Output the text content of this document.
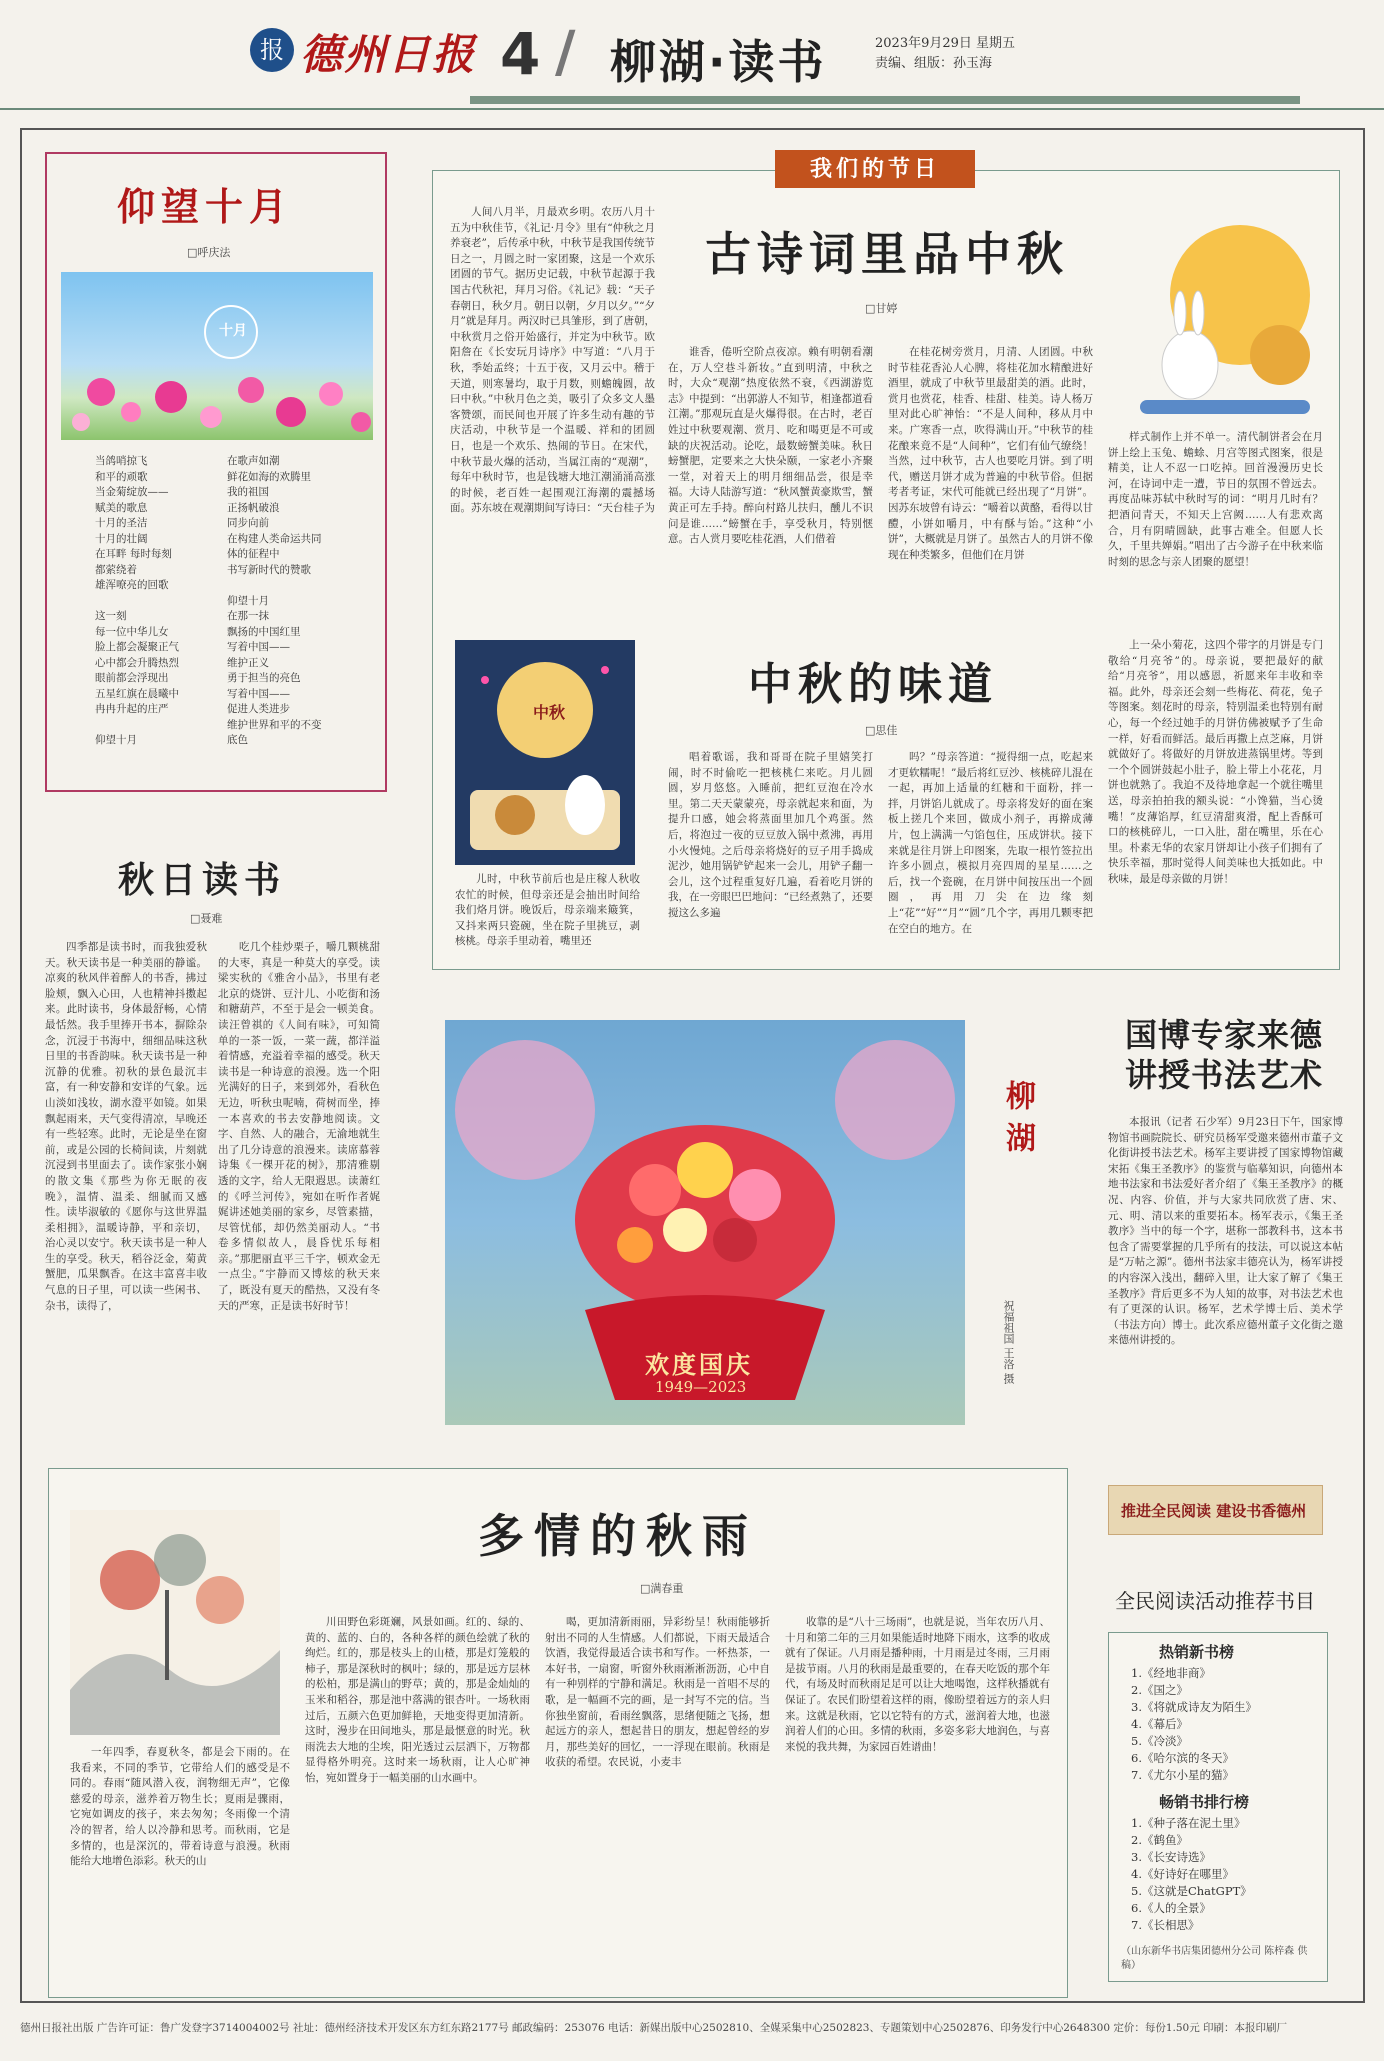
报 德州日报 4 / 柳湖·读书	2023年9月29日 星期五
责编、组版：孙玉海
仰望十月
□呼庆法
十月
当鸽哨掠飞
和平的顽歌
当金菊绽放——
赋美的歌息
十月的圣洁
十月的壮阔
在耳畔 每时每刻
都萦绕着
雄浑嘹亮的回歌

这一刻
每一位中华儿女
脸上都会凝聚正气
心中都会升腾热烈
眼前都会浮现出
五星红旗在晨曦中
冉冉升起的庄严

仰望十月
在歌声如潮
鲜花如海的欢腾里
我的祖国
正扬帆破浪
同步向前
在构建人类命运共同
体的征程中
书写新时代的赞歌

仰望十月
在那一抹
飘扬的中国红里
写着中国——
维护正义
勇于担当的亮色
写着中国——
促进人类进步
维护世界和平的不变
底色
秋日读书
□聂难
四季都是读书时，而我独爱秋天。秋天读书是一种美丽的静谧。凉爽的秋风伴着醉人的书香，拂过脸颊，飘入心田，人也精神抖擞起来。此时读书，身体最舒畅，心情最恬然。我手里捧开书本，摒除杂念，沉浸于书海中，细细品味这秋日里的书香韵味。秋天读书是一种沉静的优雅。初秋的景色最沉丰富，有一种安静和安详的气象。远山淡如浅妆，湖水澄平如镜。如果飘起雨来，天气变得清凉，早晚还有一些轻寒。此时，无论是坐在窗前，或是公园的长椅间读，片刻就沉浸到书里面去了。读作家张小娴的散文集《那些为你无眠的夜晚》，温情、温柔、细腻而又感性。读毕淑敏的《愿你与这世界温柔相拥》，温暖诗静，平和亲切，治心灵以安宁。秋天读书是一种人生的享受。秋天，稻谷泛金，菊黄蟹肥，瓜果飘香。在这丰富喜丰收气息的日子里，可以读一些闲书、杂书，读得了，
吃几个桂炒栗子，嚼几颗桃甜的大枣，真是一种莫大的享受。读梁实秋的《雅舍小品》，书里有老北京的烧饼、豆汁儿、小吃街和汤和糖葫芦，不至于是会一顿美食。读汪曾祺的《人间有味》，可知简单的一茶一饭，一菜一蔬，都洋溢着情感，充溢着幸福的感受。秋天读书是一种诗意的浪漫。选一个阳光满好的日子，来到郊外，看秋色无边，听秋虫呢喃，荷树而坐，捧一本喜欢的书去安静地阅读。文字、自然、人的融合，无渝地就生出了几分诗意的浪漫来。读席慕蓉诗集《一棵开花的树》，那清雅剔透的文字，给人无限遐思。读萧红的《呼兰河传》，宛如在听作者娓娓讲述她美丽的家乡，尽管素描，尽管忧郁，却仍然美丽动人。“书卷多情似故人，晨昏忧乐每相亲。”那肥丽直平三千字，顿欢金无一点尘。”宇静而又博炫的秋天来了，既没有夏天的酷热，又没有冬天的严寒，正是读书好时节！
我们的节日
古诗词里品中秋
□甘婷
人间八月半，月最欢乡明。农历八月十五为中秋佳节，《礼记·月令》里有“仲秋之月养衰老”，后传承中秋，中秋节是我国传统节日之一，月圆之时一家团聚，这是一个欢乐团圆的节气。据历史记载，中秋节起源于我国古代秋祀，拜月习俗。《礼记》载：“天子春朝日，秋夕月。朝日以朝，夕月以夕。”“夕月”就是拜月。两汉时已具雏形，到了唐朝，中秋赏月之俗开始盛行，并定为中秋节。欧阳詹在《长安玩月诗序》中写道：“八月于秋，季始孟终；十五于夜，又月云中。稽于天道，则寒暑均，取于月数，则蟾魄圆，故曰中秋。”中秋月色之美，吸引了众多文人墨客赞颂，而民间也开展了许多生动有趣的节庆活动，中秋节是一个温暖、祥和的团圆日，也是一个欢乐、热闹的节日。在宋代，中秋节最火爆的活动，当属江南的“观潮”，每年中秋时节，也是钱塘大地江潮涌涌高涨的时候，老百姓一起围观江海潮的震撼场面。苏东坡在观潮期间写诗曰：“天台桂子为
谁香，倦听空阶点夜凉。赖有明朝看潮在，万人空巷斗新妆。”直到明清，中秋之时，大众“观潮”热度依然不衰，《西湖游览志》中提到：“出郭游人不知节，相逢都道看江潮。”那观玩直是火爆得很。在古时，老百姓过中秋要观潮、赏月、吃和喝更是不可或缺的庆祝活动。论吃，最数螃蟹美味。秋日螃蟹肥，定要来之大快朵颐，一家老小齐聚一堂，对着天上的明月细细品尝，很是幸福。大诗人陆游写道：“秋风蟹黄豪欺雪，蟹黄正可左手持。醉向村路儿扶归，醺儿不识问是谁……”螃蟹在手，享受秋月，特别惬意。古人赏月要吃桂花酒，人们借着
在桂花树旁赏月，月清、人团圆。中秋时节桂花香沁人心脾，将桂花加水精酿进好酒里，就成了中秋节里最甜美的酒。此时，赏月也赏花，桂香、桂甜、桂美。诗人杨万里对此心旷神怡：“不是人间种，移从月中来。广寒香一点，吹得满山开。”中秋节的桂花酿来竟不是“人间种”，它们有仙气缭绕！当然，过中秋节，古人也要吃月饼。到了明代，赠送月饼才成为普遍的中秋节俗。但据考者考证，宋代可能就已经出现了“月饼”。因苏东坡曾有诗云：“嚼着以黄酪，看得以甘醴，小饼如嚼月，中有酥与饴。”这种“小饼”，大概就是月饼了。虽然古人的月饼不像现在种类繁多，但他们在月饼
样式制作上并不单一。清代制饼者会在月饼上绘上玉兔、蟾蜍、月宫等图式图案，很是精美，让人不忍一口吃掉。回首漫漫历史长河，在诗词中走一遭，节日的氛围不曾远去。再度品味苏轼中秋时写的词：“明月几时有？把酒问青天，不知天上宫阙……人有悲欢离合，月有阴晴圆缺，此事古难全。但愿人长久，千里共婵娟。”唱出了古今游子在中秋来临时刻的思念与亲人团聚的愿望！
中秋的味道
□思佳
中秋
儿时，中秋节前后也是庄稼人秋收农忙的时候，但母亲还是会抽出时间给我们烙月饼。晚饭后，母亲端来簸箕，又抖来两只瓷碗，坐在院子里挑豆，剥核桃。母亲手里动着，嘴里还
唱着歌谣，我和哥哥在院子里嬉笑打闹，时不时偷吃一把核桃仁来吃。月儿圆圆，岁月悠悠。入睡前，把红豆泡在冷水里。第二天天蒙蒙亮，母亲就起来和面，为提升口感，她会将蒸面里加几个鸡蛋。然后，将泡过一夜的豆豆放入锅中煮沸，再用小火慢炖。之后母亲将烧好的豆子用手捣成泥沙，她用锅铲铲起来一会儿，用铲子翻一会儿，这个过程重复好几遍，看着吃月饼的我，在一旁眼巴巴地问：“已经煮熟了，还要搅这么多遍
吗？”母亲答道：“搅得细一点，吃起来才更软糯呢！”最后将红豆沙、核桃碎儿混在一起，再加上适量的红糖和干面粉，拌一拌，月饼馅儿就成了。母亲将发好的面在案板上搓几个来回，做成小剂子，再擀成薄片，包上满满一勺馅包住，压成饼状。接下来就是往月饼上印图案，先取一根竹签拉出许多小圆点，模拟月亮四周的星星……之后，找一个瓷碗，在月饼中间按压出一个圆圈，再用刀尖在边缘刻上“花”“好”“月”“圆”几个字，再用几颗枣把在空白的地方。在
上一朵小菊花，这四个带字的月饼是专门敬给“月亮爷”的。母亲说，要把最好的献给“月亮爷”，用以感恩，祈愿来年丰收和幸福。此外，母亲还会刻一些梅花、荷花，兔子等图案。刻花时的母亲，特别温柔也特别有耐心，每一个经过她手的月饼仿佛被赋予了生命一样，好看而鲜活。最后再撒上点芝麻，月饼就做好了。将做好的月饼放进蒸锅里烤。等到一个个圆饼鼓起小肚子，脸上带上小花花，月饼也就熟了。我迫不及待地拿起一个就往嘴里送，母亲拍拍我的额头说：“小馋猫，当心烫嘴！”皮薄馅厚，红豆清甜爽滑，配上香酥可口的核桃碎儿，一口入肚，甜在嘴里，乐在心里。朴素无华的农家月饼却让小孩子们拥有了快乐幸福，那时觉得人间美味也大抵如此。中秋味，最是母亲做的月饼！
欢度国庆
1949—2023
柳湖
祝福祖国 王洛 摄
国博专家来德
讲授书法艺术
本报讯（记者 石少军）9月23日下午，国家博物馆书画院院长、研究员杨军受邀来德州市董子文化街讲授书法艺术。杨军主要讲授了国家博物馆藏宋拓《集王圣教序》的鉴赏与临摹知识，向德州本地书法家和书法爱好者介绍了《集王圣教序》的概况、内容、价值，并与大家共同欣赏了唐、宋、元、明、清以来的重要拓本。杨军表示，《集王圣教序》当中的每一个字，堪称一部教科书，这本书包含了需要掌握的几乎所有的技法，可以说这本帖是“万帖之源”。德州书法家丰德亮认为，杨军讲授的内容深入浅出，翻碎入里，让大家了解了《集王圣教序》背后更多不为人知的故事，对书法艺术也有了更深的认识。杨军，艺术学博士后、美术学（书法方向）博士。此次系应德州董子文化街之邀来德州讲授的。
多情的秋雨
□满春重
一年四季，春夏秋冬，都是会下雨的。在我看来，不同的季节，它带给人们的感受是不同的。春雨“随风潜入夜，润物细无声”，它像慈爱的母亲，滋养着万物生长；夏雨是骤雨，它宛如调皮的孩子，来去匆匆；冬雨像一个清冷的智者，给人以冷静和思考。而秋雨，它是多情的，也是深沉的，带着诗意与浪漫。秋雨能给大地增色添彩。秋天的山
川田野色彩斑斓，风景如画。红的、绿的、黄的、蓝的、白的，各种各样的颜色绘就了秋的绚烂。红的，那是枝头上的山楂，那是灯笼般的柿子，那是深秋时的枫叶；绿的，那是远方层林的松柏，那是满山的野草；黄的，那是金灿灿的玉米和稻谷，那是池中落满的银杏叶。一场秋雨过后，五颜六色更加鲜艳，天地变得更加清新。这时，漫步在田间地头，那是最惬意的时光。秋雨洗去大地的尘埃，阳光透过云层洒下，万物都显得格外明亮。这时来一场秋雨，让人心旷神怡，宛如置身于一幅美丽的山水画中。
喝，更加清新雨丽，异彩纷呈！秋雨能够折射出不同的人生情感。人们都说，下雨天最适合饮酒，我觉得最适合读书和写作。一杯热茶，一本好书，一扇窗，听窗外秋雨淅淅沥沥，心中自有一种别样的宁静和满足。秋雨是一首唱不尽的歌，是一幅画不完的画，是一封写不完的信。当你独坐窗前，看雨丝飘落，思绪便随之飞扬，想起远方的亲人，想起昔日的朋友，想起曾经的岁月，那些美好的回忆，一一浮现在眼前。秋雨是收获的希望。农民说，小麦丰
收靠的是“八十三场雨”，也就是说，当年农历八月、十月和第二年的三月如果能适时地降下雨水，这季的收成就有了保证。八月雨是播种雨，十月雨是过冬雨，三月雨是拔节雨。八月的秋雨是最重要的，在春天吃饭的那个年代，有场及时而秋雨足足可以让大地喝饱，这样秋播就有保证了。农民们盼望着这样的雨，像盼望着远方的亲人归来。这就是秋雨，它以它特有的方式，滋润着大地，也滋润着人们的心田。多情的秋雨，多姿多彩大地润色，与喜来悦的我共舞，为家园百姓谱曲！
推进全民阅读 建设书香德州
全民阅读活动推荐书目
热销新书榜
1.《经地非商》
2.《国之》
3.《将就成诗友为陌生》
4.《幕后》
5.《冷淡》
6.《哈尔滨的冬天》
7.《尤尔小星的猫》
畅销书排行榜
1.《种子落在泥土里》
2.《鹤鱼》
3.《长安诗选》
4.《好诗好在哪里》
5.《这就是ChatGPT》
6.《人的全景》
7.《长相思》
（山东新华书店集团德州分公司 陈梓森 供稿）
德州日报社出版 广告许可证：鲁广发登字3714004002号 社址：德州经济技术开发区东方红东路2177号 邮政编码：253076 电话：新媒出版中心2502810、全媒采集中心2502823、专题策划中心2502876、印务发行中心2648300 定价：每份1.50元 印刷：本报印刷厂
